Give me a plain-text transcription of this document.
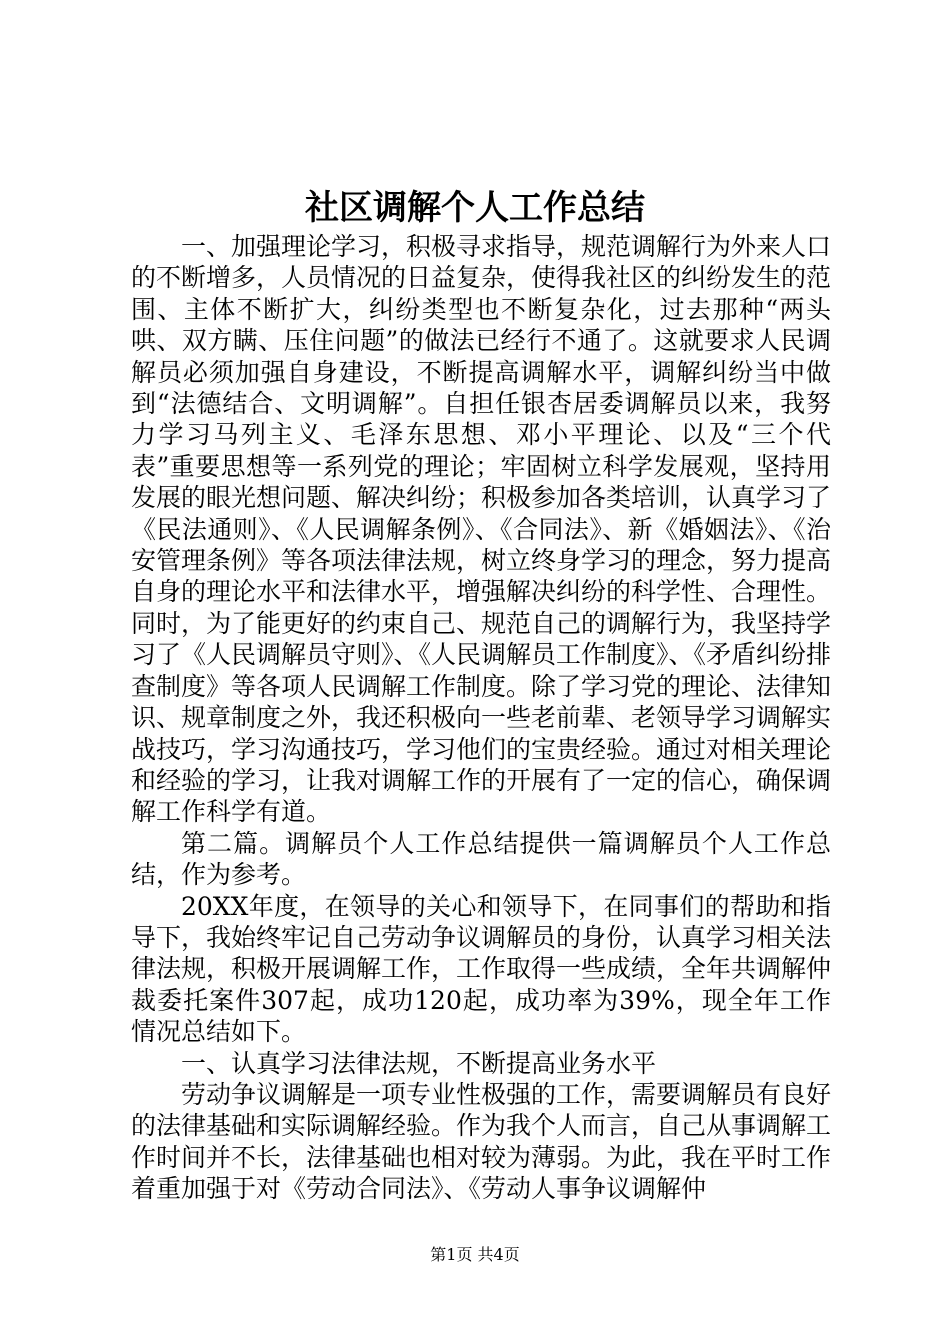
社区调解个人工作总结

一、加强理论学习，积极寻求指导，规范调解行为外来人口的不断增多，人员情况的日益复杂，使得我社区的纠纷发生的范围、主体不断扩大，纠纷类型也不断复杂化，过去那种“两头哄、双方瞒、压住问题”的做法已经行不通了。这就要求人民调解员必须加强自身建设，不断提高调解水平，调解纠纷当中做到“法德结合、文明调解”。自担任银杏居委调解员以来，我努力学习马列主义、毛泽东思想、邓小平理论、以及“三个代表”重要思想等一系列党的理论；牢固树立科学发展观，坚持用发展的眼光想问题、解决纠纷；积极参加各类培训，认真学习了《民法通则》、《人民调解条例》、《合同法》、新《婚姻法》、《治安管理条例》等各项法律法规，树立终身学习的理念，努力提高自身的理论水平和法律水平，增强解决纠纷的科学性、合理性。同时，为了能更好的约束自己、规范自己的调解行为，我坚持学习了《人民调解员守则》、《人民调解员工作制度》、《矛盾纠纷排查制度》等各项人民调解工作制度。除了学习党的理论、法律知识、规章制度之外，我还积极向一些老前辈、老领导学习调解实战技巧，学习沟通技巧，学习他们的宝贵经验。通过对相关理论和经验的学习，让我对调解工作的开展有了一定的信心，确保调解工作科学有道。

第二篇。调解员个人工作总结提供一篇调解员个人工作总结，作为参考。

20XX年度，在领导的关心和领导下，在同事们的帮助和指导下，我始终牢记自己劳动争议调解员的身份，认真学习相关法律法规，积极开展调解工作，工作取得一些成绩，全年共调解仲裁委托案件307起，成功120起，成功率为39%，现全年工作情况总结如下。

一、认真学习法律法规，不断提高业务水平

劳动争议调解是一项专业性极强的工作，需要调解员有良好的法律基础和实际调解经验。作为我个人而言，自己从事调解工作时间并不长，法律基础也相对较为薄弱。为此，我在平时工作着重加强于对《劳动合同法》、《劳动人事争议调解仲

第1页 共4页
